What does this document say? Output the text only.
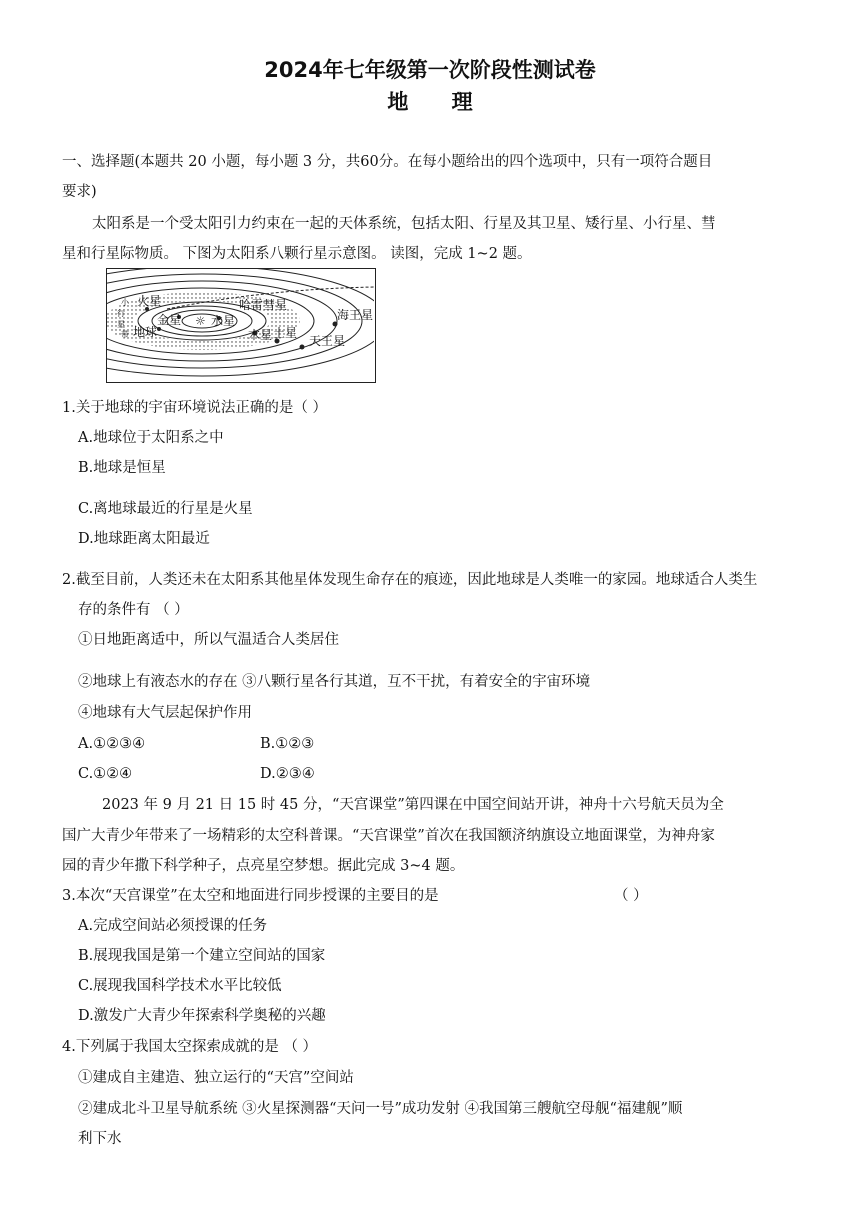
2024年七年级第一次阶段性测试卷
地 理
一、选择题(本题共 20 小题，每小题 3 分，共60分。在每小题给出的四个选项中，只有一项符合题目
要求)
太阳系是一个受太阳引力约束在一起的天体系统，包括太阳、行星及其卫星、矮行星、小行星、彗
星和行星际物质。 下图为太阳系八颗行星示意图。 读图，完成 1~2 题。
火星	哈雷彗星
海王星
金星 ☼ 水星
地球	木星 土星
天王星
小
行
星
带
1.关于地球的宇宙环境说法正确的是（ ）
A.地球位于太阳系之中
B.地球是恒星
C.离地球最近的行星是火星
D.地球距离太阳最近
2.截至目前，人类还未在太阳系其他星体发现生命存在的痕迹，因此地球是人类唯一的家园。地球适合人类生
存的条件有 （ ）
①日地距离适中，所以气温适合人类居住
②地球上有液态水的存在 ③八颗行星各行其道，互不干扰，有着安全的宇宙环境
④地球有大气层起保护作用
A.①②③④	B.①②③
C.①②④	D.②③④
2023 年 9 月 21 日 15 时 45 分，“天宫课堂”第四课在中国空间站开讲，神舟十六号航天员为全
国广大青少年带来了一场精彩的太空科普课。“天宫课堂”首次在我国额济纳旗设立地面课堂，为神舟家
园的青少年撒下科学种子，点亮星空梦想。据此完成 3~4 题。
3.本次“天宫课堂”在太空和地面进行同步授课的主要目的是	（ ）
A.完成空间站必须授课的任务
B.展现我国是第一个建立空间站的国家
C.展现我国科学技术水平比较低
D.激发广大青少年探索科学奥秘的兴趣
4.下列属于我国太空探索成就的是 （ ）
①建成自主建造、独立运行的“天宫”空间站
②建成北斗卫星导航系统 ③火星探测器“天问一号”成功发射 ④我国第三艘航空母舰“福建舰”顺
利下水
